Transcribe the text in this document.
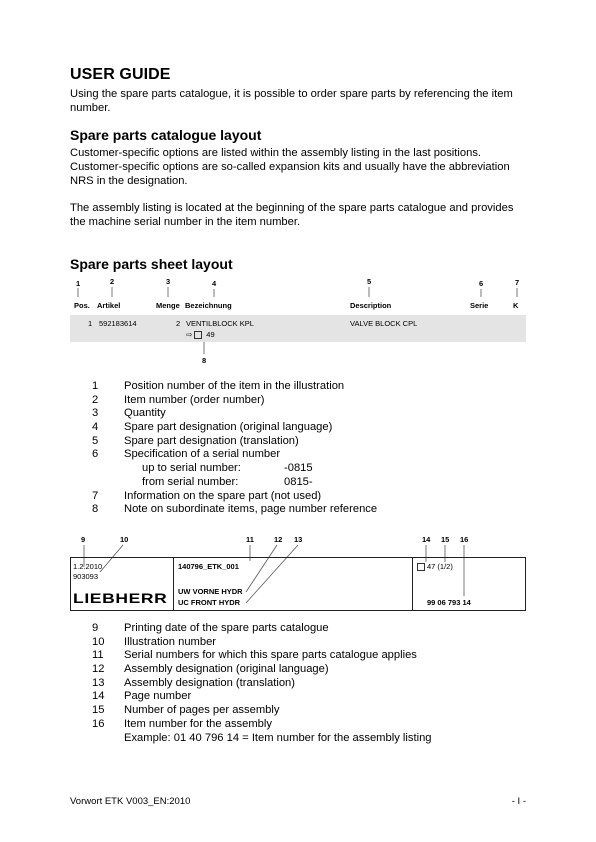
USER GUIDE
Using the spare parts catalogue, it is possible to order spare parts by referencing the item number.
Spare parts catalogue layout
Customer-specific options are listed within the assembly listing in the last positions. Customer-specific options are so-called expansion kits and usually have the abbreviation NRS in the designation.
The assembly listing is located at the beginning of the spare parts catalogue and provides the machine serial number in the item number.
Spare parts sheet layout
1	2	3	4	5	6	7
Pos. Artikel	Menge Bezeichnung	Description	Serie	K
1 592183614	2 VENTILBLOCK KPL	VALVE BLOCK CPL
⇨ 49
8
1 Position number of the item in the illustration
2 Item number (order number)
3 Quantity
4 Spare part designation (original language)
5 Spare part designation (translation)
6 Specification of a serial number
up to serial number:	-0815
from serial number:	0815-
7 Information on the spare part (not used)
8 Note on subordinate items, page number reference
9	10	11	12 13	14 15 16
1.2.2010
903093
LIEBHERR
140796_ETK_001
UW VORNE HYDR
UC FRONT HYDR
47 (1/2)
99 06 793 14
9 Printing date of the spare parts catalogue
10 Illustration number
11 Serial numbers for which this spare parts catalogue applies
12 Assembly designation (original language)
13 Assembly designation (translation)
14 Page number
15 Number of pages per assembly
16 Item number for the assembly
Example: 01 40 796 14 = Item number for the assembly listing
Vorwort ETK V003_EN:2010	- I -
